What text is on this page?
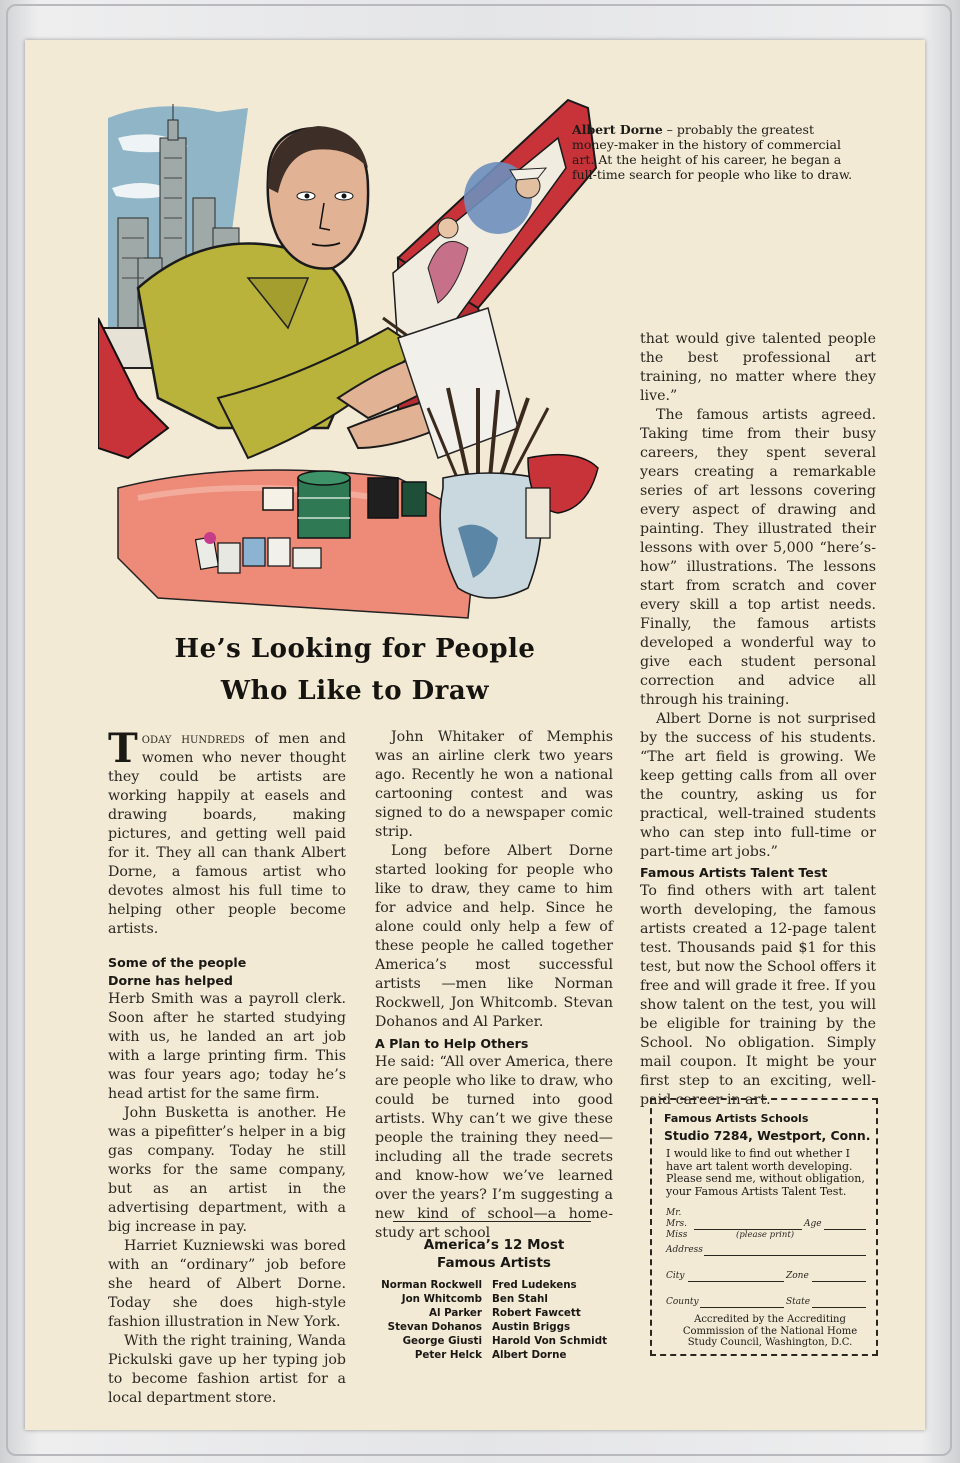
Albert Dorne – probably the greatest money-maker in the history of commercial art. At the height of his career, he began a full-time search for people who like to draw.
He’s Looking for People
Who Like to Draw

Today hundreds of men and women who never thought they could be artists are working happily at easels and drawing boards, making pictures, and getting well paid for it. They all can thank Albert Dorne, a famous artist who devotes almost his full time to helping other people become artists.

Some of the people
Dorne has helped

Herb Smith was a payroll clerk. Soon after he started studying with us, he landed an art job with a large printing firm. This was four years ago; today he’s head artist for the same firm.

John Busketta is another. He was a pipefitter’s helper in a big gas company. Today he still works for the same company, but as an artist in the advertising department, with a big increase in pay.

Harriet Kuzniewski was bored with an “ordinary” job before she heard of Albert Dorne. Today she does high-style fashion illustration in New York.

With the right training, Wanda Pickulski gave up her typing job to become fashion artist for a local department store.

John Whitaker of Memphis was an airline clerk two years ago. Recently he won a national cartooning contest and was signed to do a newspaper comic strip.

Long before Albert Dorne started looking for people who like to draw, they came to him for advice and help. Since he alone could only help a few of these people he called together America’s most successful artists —men like Norman Rockwell, Jon Whitcomb. Stevan Dohanos and Al Parker.

A Plan to Help Others

He said: “All over America, there are people who like to draw, who could be turned into good artists. Why can’t we give these people the training they need—including all the trade secrets and know-how we’ve learned over the years? I’m suggesting a new kind of school—a home-study art school

America’s 12 Most
Famous Artists
Norman Rockwell
Jon Whitcomb
Al Parker
Stevan Dohanos
George Giusti
Peter Helck
Fred Ludekens
Ben Stahl
Robert Fawcett
Austin Briggs
Harold Von Schmidt
Albert Dorne

that would give talented people the best professional art training, no matter where they live.”

The famous artists agreed. Taking time from their busy careers, they spent several years creating a remarkable series of art lessons covering every aspect of drawing and painting. They illustrated their lessons with over 5,000 “here’s-how” illustrations. The lessons start from scratch and cover every skill a top artist needs. Finally, the famous artists developed a wonderful way to give each student personal correction and advice all through his training.

Albert Dorne is not surprised by the success of his students. “The art field is growing. We keep getting calls from all over the country, asking us for practical, well-trained students who can step into full-time or part-time art jobs.”

Famous Artists Talent Test

To find others with art talent worth developing, the famous artists created a 12-page talent test. Thousands paid $1 for this test, but now the School offers it free and will grade it free. If you show talent on the test, you will be eligible for training by the School. No obligation. Simply mail coupon. It might be your first step to an exciting, well-paid career in art.

Famous Artists Schools
Studio 7284, Westport, Conn.
I would like to find out whether I have art talent worth developing. Please send me, without obligation, your Famous Artists Talent Test.
Mr.
Mrs.
Miss
Age
(please print)
Address
City	Zone
County	State
Accredited by the Accrediting Commission of the National Home Study Council, Washington, D.C.
